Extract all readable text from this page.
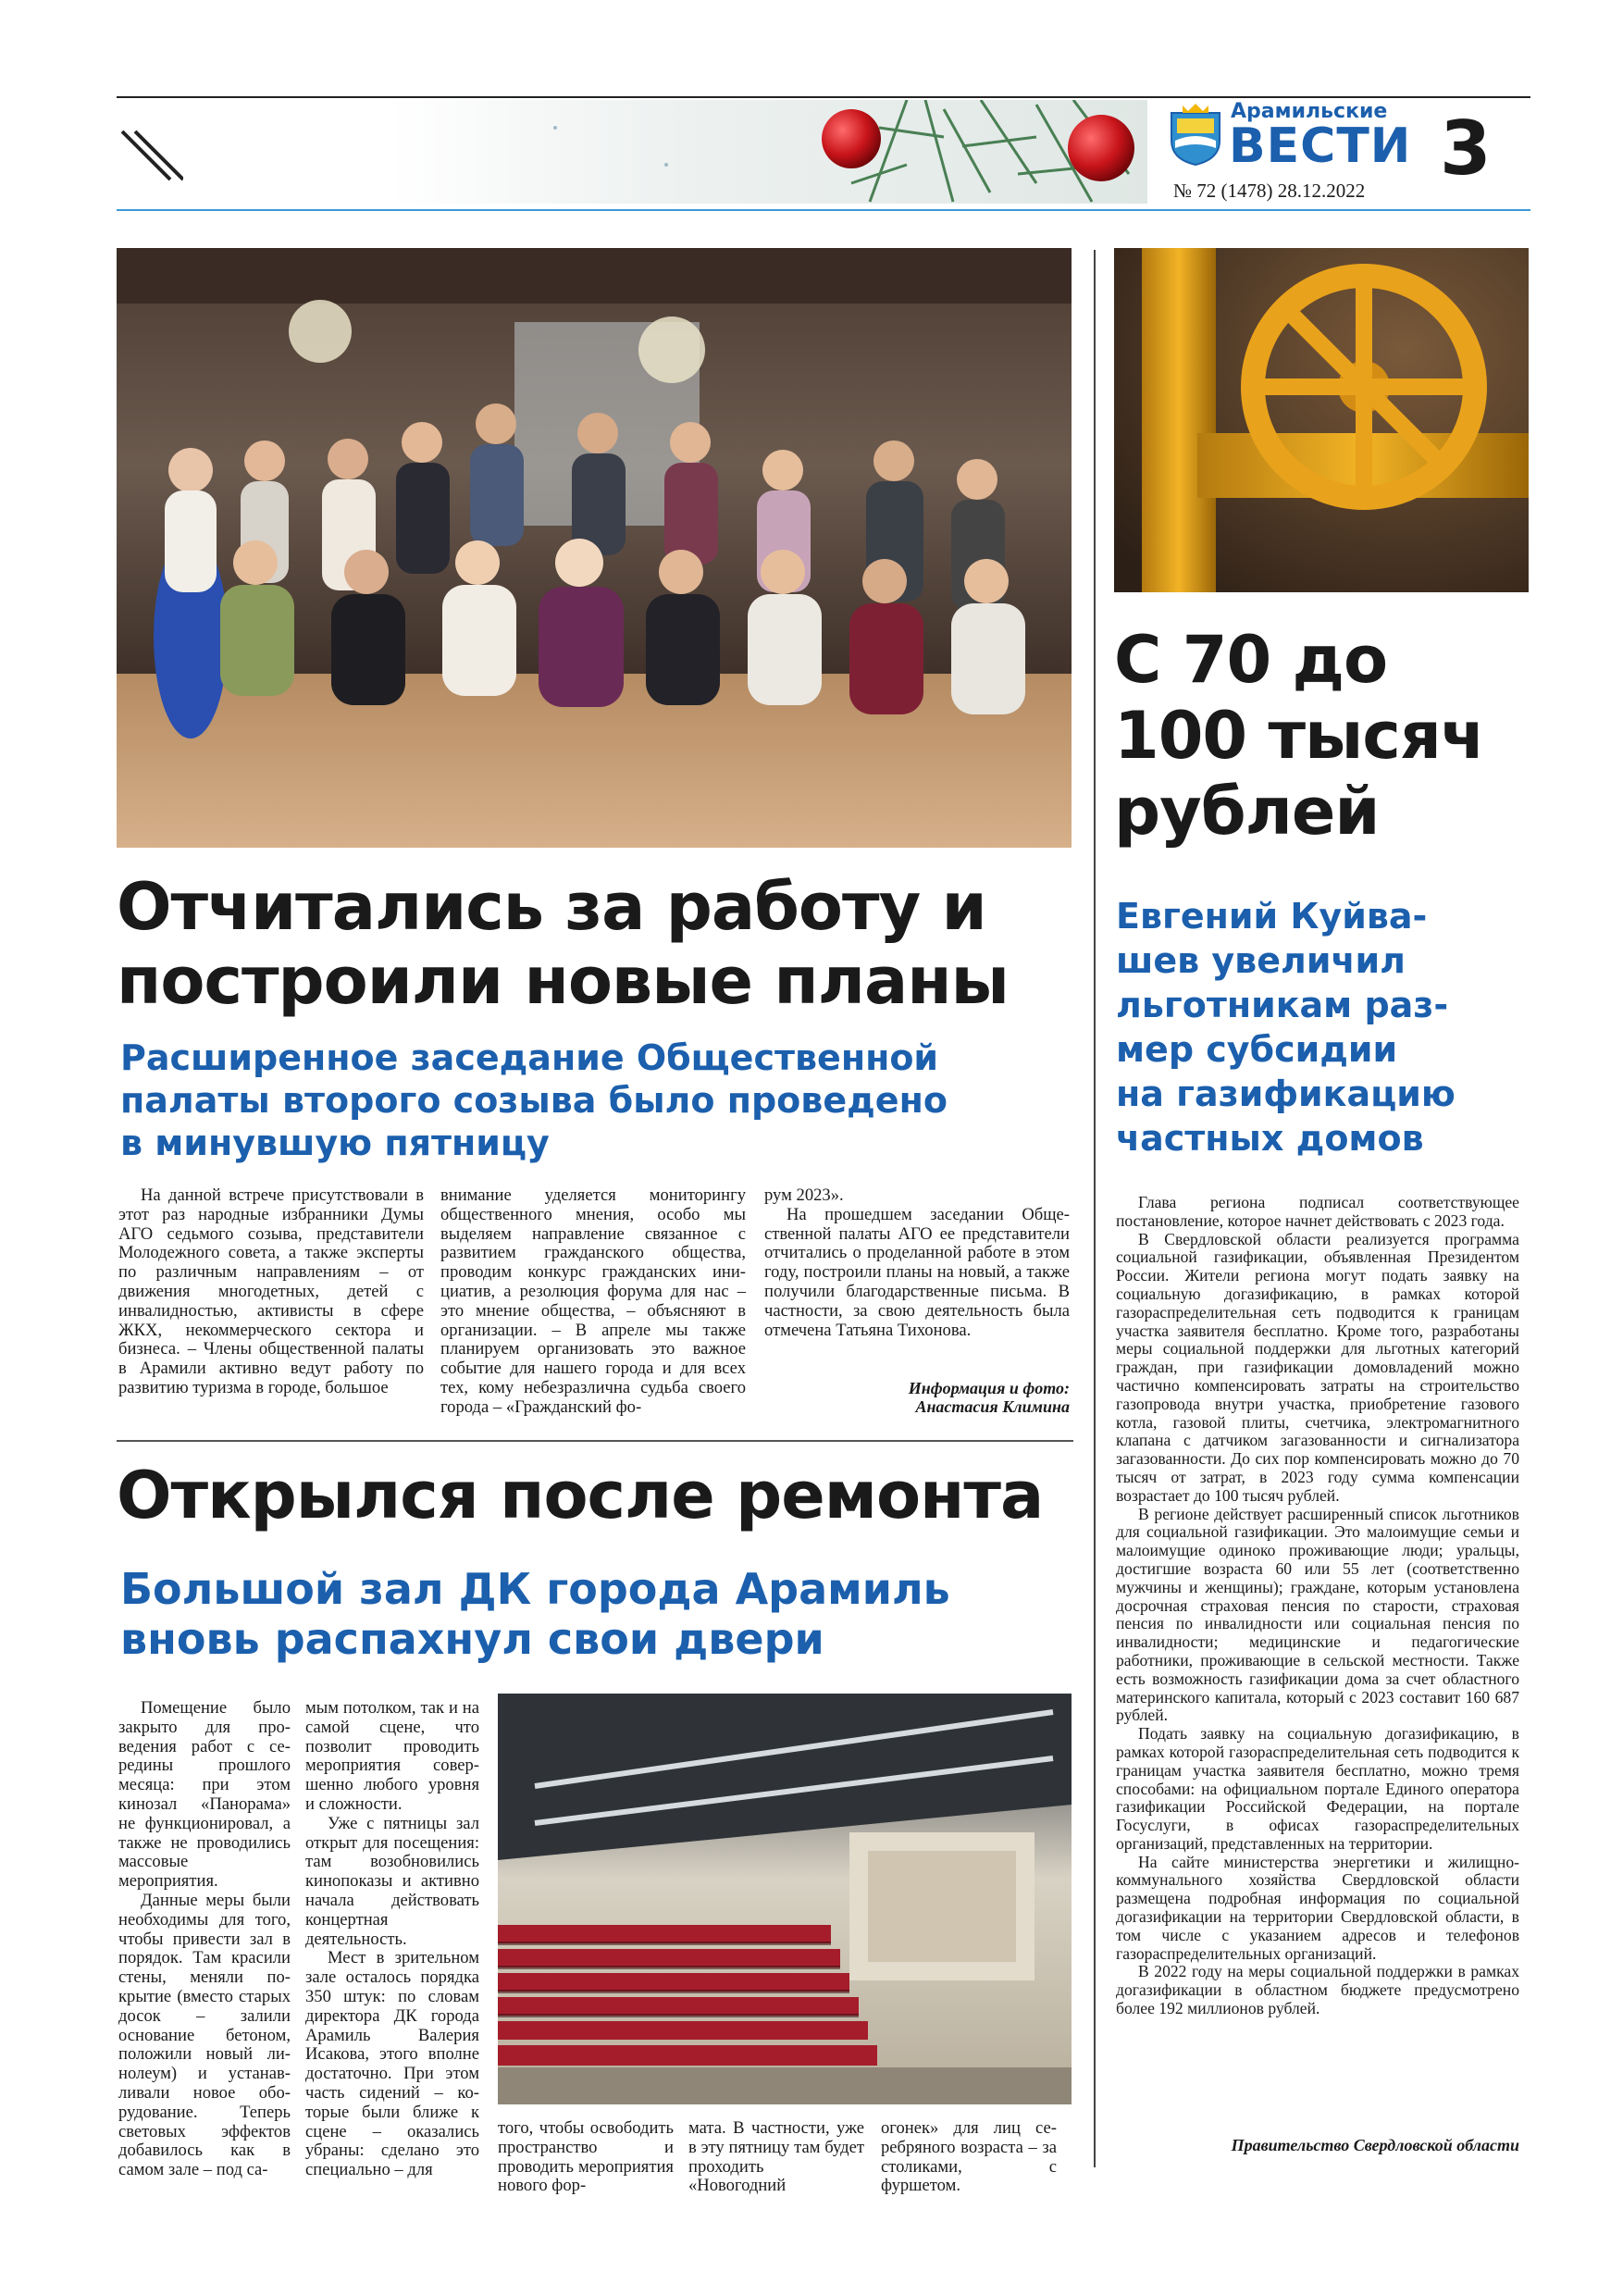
Арамильские
ВЕСТИ
№ 72 (1478) 28.12.2022 3
Отчитались за работу и
построили новые планы
Расширенное заседание Общественной
палаты второго созыва было проведено
в минувшую пятницу

На данной встрече присутствовали в этот раз народные избранники Думы АГО седьмого созыва, представители Молодежного совета, а также эксперты по различным направлениям – от движения многодетных, детей с инвалидностью, активисты в сфере ЖКХ, некоммерческого сектора и бизнеса. – Члены общественной палаты в Арамили активно ведут работу по развитию туризма в городе, большое

внимание уделяется мониторингу общественного мнения, особо мы выделяем направление связанное с развитием гражданского общества, проводим конкурс гражданских инициатив, а резолюция форума для нас – это мнение общества, – объясняют в организации. – В апреле мы также планируем организовать это важное событие для нашего города и для всех тех, кому небезразлична судьба своего города – «Гражданский фо-

рум 2023».

На прошедшем заседании Общественной палаты АГО ее представители отчитались о проделанной работе в этом году, построили планы на новый, а также получили благодарственные письма. В частности, за свою деятельность была отмечена Татьяна Тихонова.

Информация и фото:
Анастасия Климина
Открылся после ремонта
Большой зал ДК города Арамиль
вновь распахнул свои двери

Помещение было закрыто для проведения работ с середины прошлого месяца: при этом кинозал «Панорама» не функционировал, а также не проводились массовые мероприятия.

Данные меры были необходимы для того, чтобы привести зал в порядок. Там красили стены, меняли покрытие (вместо старых досок – залили основание бетоном, положили новый линолеум) и устанавливали новое оборудование. Теперь световых эффектов добавилось как в самом зале – под са-

мым потолком, так и на самой сцене, что позволит проводить мероприятия совершенно любого уровня и сложности.

Уже с пятницы зал открыт для посещения: там возобновились кинопоказы и активно начала действовать концертная деятельность.

Мест в зрительном зале осталось порядка 350 штук: по словам директора ДК города Арамиль Валерия Исакова, этого вполне достаточно. При этом часть сидений – которые были ближе к сцене – оказались убраны: сделано это специально – для

того, чтобы освободить пространство и проводить мероприятия нового фор-

мата. В частности, уже в эту пятницу там будет проходить «Новогодний

огонек» для лиц серебряного возраста – за столиками, с фуршетом.

С 70 до
100 тысяч
рублей
Евгений Куйва-
шев увеличил
льготникам раз-
мер субсидии
на газификацию
частных домов

Глава региона подписал соответствующее постановление, которое начнет действовать с 2023 года.

В Свердловской области реализуется программа социальной газификации, объявленная Президентом России. Жители региона могут подать заявку на социальную догазификацию, в рамках которой газораспределительная сеть подводится к границам участка заявителя бесплатно. Кроме того, разработаны меры социальной поддержки для льготных категорий граждан, при газификации домовладений можно частично компенсировать затраты на строительство газопровода внутри участка, приобретение газового котла, газовой плиты, счетчика, электромагнитного клапана с датчиком загазованности и сигнализатора загазованности. До сих пор компенсировать можно до 70 тысяч от затрат, в 2023 году сумма компенсации возрастает до 100 тысяч рублей.

В регионе действует расширенный список льготников для социальной газификации. Это малоимущие семьи и малоимущие одиноко проживающие люди; уральцы, достигшие возраста 60 или 55 лет (соответственно мужчины и женщины); граждане, которым установлена досрочная страховая пенсия по старости, страховая пенсия по инвалидности или социальная пенсия по инвалидности; медицинские и педагогические работники, проживающие в сельской местности. Также есть возможность газификации дома за счет областного материнского капитала, который с 2023 составит 160 687 рублей.

Подать заявку на социальную догазификацию, в рамках которой газораспределительная сеть подводится к границам участка заявителя бесплатно, можно тремя способами: на официальном портале Единого оператора газификации Российской Федерации, на портале Госуслуги, в офисах газораспределительных организаций, представленных на территории.

На сайте министерства энергетики и жилищно-коммунального хозяйства Свердловской области размещена подробная информация по социальной догазификации на территории Свердловской области, в том числе с указанием адресов и телефонов газораспределительных организаций.

В 2022 году на меры социальной поддержки в рамках догазификации в областном бюджете предусмотрено более 192 миллионов рублей.

Правительство Свердловской области
